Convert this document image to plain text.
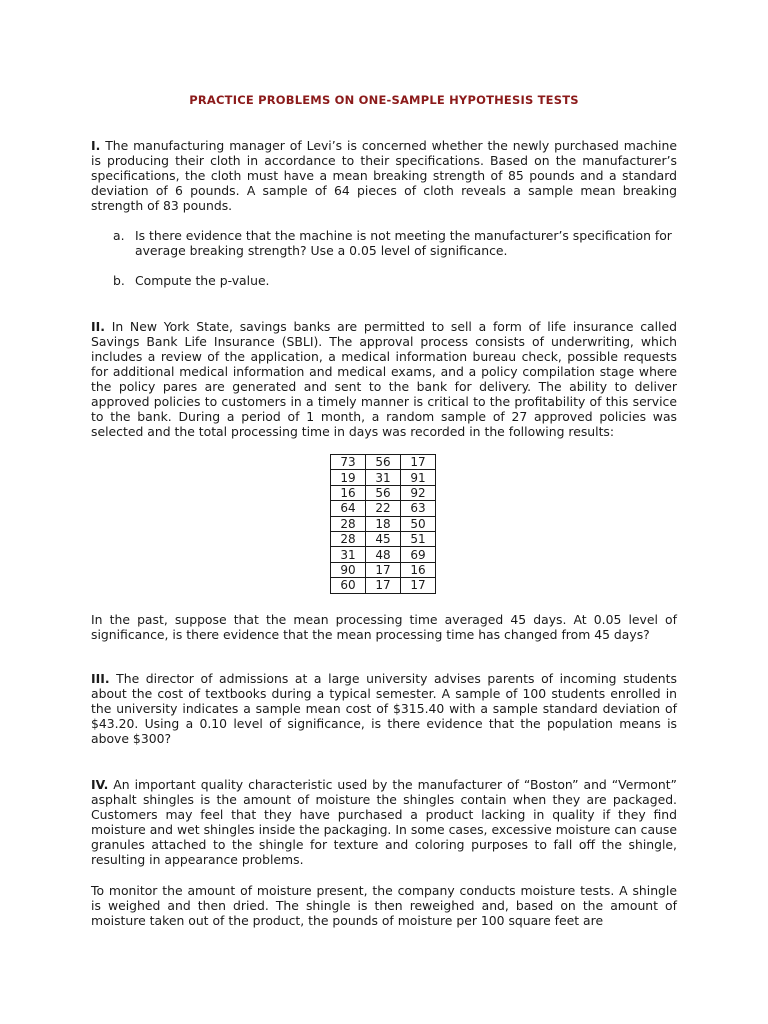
PRACTICE PROBLEMS ON ONE-SAMPLE HYPOTHESIS TESTS

I. The manufacturing manager of Levi’s is concerned whether the newly purchased machine is producing their cloth in accordance to their specifications. Based on the manufacturer’s specifications, the cloth must have a mean breaking strength of 85 pounds and a standard deviation of 6 pounds. A sample of 64 pieces of cloth reveals a sample mean breaking strength of 83 pounds.

a. Is there evidence that the machine is not meeting the manufacturer’s specification for average breaking strength? Use a 0.05 level of significance.
b. Compute the p-value.

II. In New York State, savings banks are permitted to sell a form of life insurance called Savings Bank Life Insurance (SBLI). The approval process consists of underwriting, which includes a review of the application, a medical information bureau check, possible requests for additional medical information and medical exams, and a policy compilation stage where the policy pares are generated and sent to the bank for delivery. The ability to deliver approved policies to customers in a timely manner is critical to the profitability of this service to the bank. During a period of 1 month, a random sample of 27 approved policies was selected and the total processing time in days was recorded in the following results:

73	56	17
19	31	91
16	56	92
64	22	63
28	18	50
28	45	51
31	48	69
90	17	16
60	17	17

In the past, suppose that the mean processing time averaged 45 days. At 0.05 level of significance, is there evidence that the mean processing time has changed from 45 days?

III. The director of admissions at a large university advises parents of incoming students about the cost of textbooks during a typical semester. A sample of 100 students enrolled in the university indicates a sample mean cost of $315.40 with a sample standard deviation of $43.20. Using a 0.10 level of significance, is there evidence that the population means is above $300?

IV. An important quality characteristic used by the manufacturer of “Boston” and “Vermont” asphalt shingles is the amount of moisture the shingles contain when they are packaged. Customers may feel that they have purchased a product lacking in quality if they find moisture and wet shingles inside the packaging. In some cases, excessive moisture can cause granules attached to the shingle for texture and coloring purposes to fall off the shingle, resulting in appearance problems.

To monitor the amount of moisture present, the company conducts moisture tests. A shingle is weighed and then dried. The shingle is then reweighed and, based on the amount of moisture taken out of the product, the pounds of moisture per 100 square feet are
